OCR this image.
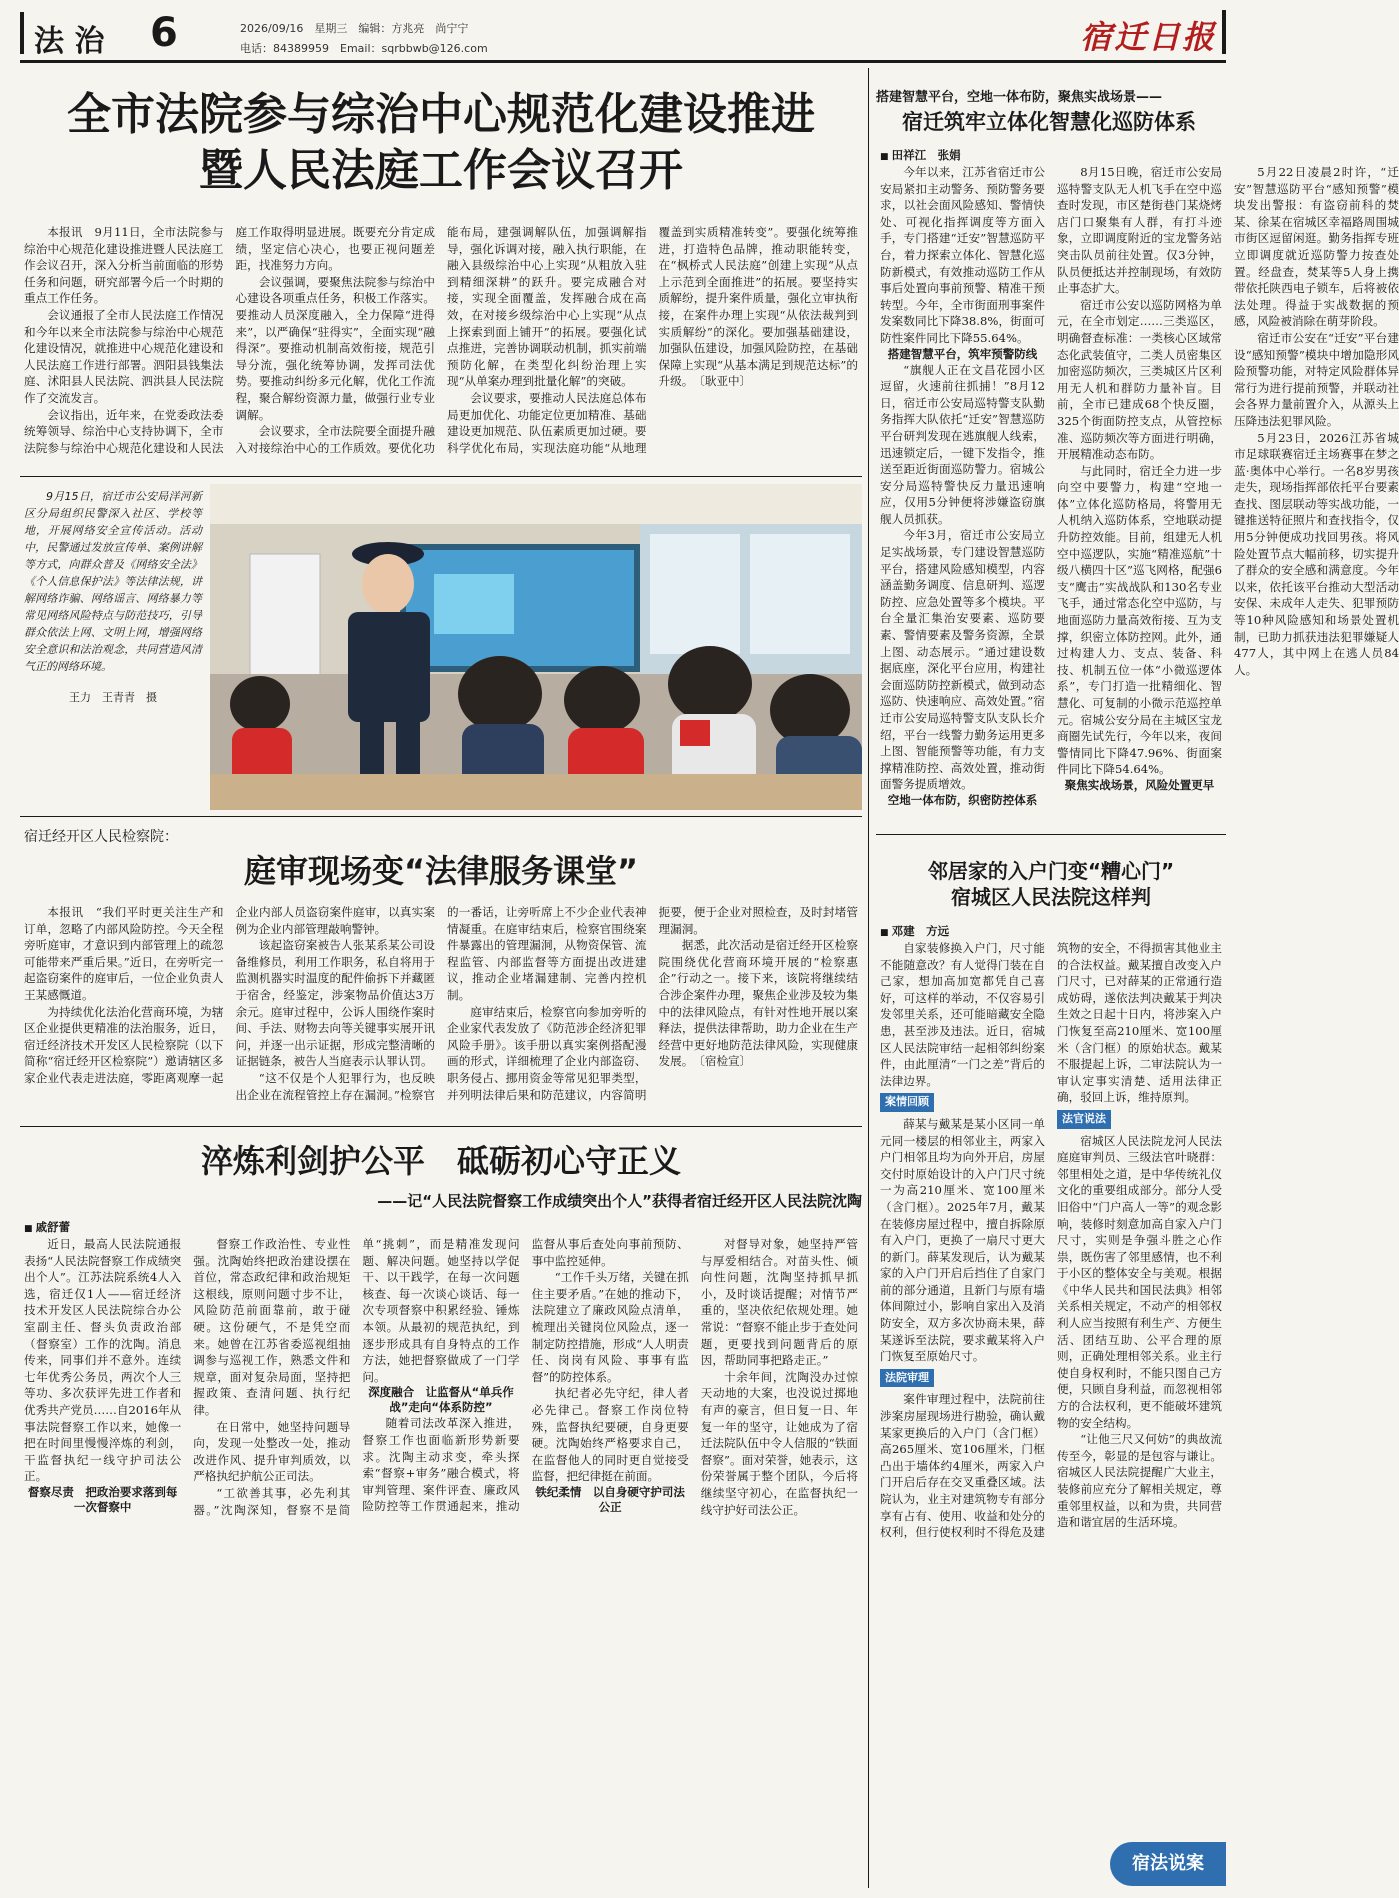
法 治 6	2026/09/16　星期三　编辑：方兆亮　尚宁宁
电话：84389959　Email：sqrbbwb@126.com	宿迁日报
全市法院参与综治中心规范化建设推进
暨人民法庭工作会议召开

本报讯　9月11日，全市法院参与综治中心规范化建设推进暨人民法庭工作会议召开，深入分析当前面临的形势任务和问题，研究部署今后一个时期的重点工作任务。

会议通报了全市人民法庭工作情况和今年以来全市法院参与综治中心规范化建设情况，就推进中心规范化建设和人民法庭工作进行部署。泗阳县钱集法庭、沭阳县人民法院、泗洪县人民法院作了交流发言。

会议指出，近年来，在党委政法委统筹领导、综治中心支持协调下，全市法院参与综治中心规范化建设和人民法庭工作取得明显进展。既要充分肯定成绩，坚定信心决心，也要正视问题差距，找准努力方向。

会议强调，要聚焦法院参与综治中心建设各项重点任务，积极工作落实。要推动人员深度融入，全力保障“进得来”，以严确保“驻得实”，全面实现“融得深”。要推动机制高效衔接，规范引导分流，强化统筹协调，发挥司法优势。要推动纠纷多元化解，优化工作流程，聚合解纷资源力量，做强行业专业调解。

会议要求，全市法院要全面提升融入对接综治中心的工作质效。要优化功能布局，建强调解队伍，加强调解指导，强化诉调对接，融入执行职能，在融入县级综治中心上实现“从粗放入驻到精细深耕”的跃升。要完成融合对接，实现全面覆盖，发挥融合成在高效，在对接乡级综治中心上实现“从点上探索到面上铺开”的拓展。要强化试点推进，完善协调联动机制，抓实前端预防化解，在类型化纠纷治理上实现“从单案办理到批量化解”的突破。

会议要求，要推动人民法庭总体布局更加优化、功能定位更加精准、基础建设更加规范、队伍素质更加过硬。要科学优化布局，实现法庭功能“从地理覆盖到实质精准转变”。要强化统筹推进，打造特色品牌，推动职能转变，在“枫桥式人民法庭”创建上实现“从点上示范到全面推进”的拓展。要坚持实质解纷，提升案件质量，强化立审执衔接，在案件办理上实现“从依法裁判到实质解纷”的深化。要加强基础建设，加强队伍建设，加强风险防控，在基础保障上实现“从基本满足到规范达标”的升级。　〔耿亚中〕

9月15日，宿迁市公安局洋河新区分局组织民警深入社区、学校等地，开展网络安全宣传活动。活动中，民警通过发放宣传单、案例讲解等方式，向群众普及《网络安全法》《个人信息保护法》等法律法规，讲解网络诈骗、网络谣言、网络暴力等常见网络风险特点与防范技巧，引导群众依法上网、文明上网，增强网络安全意识和法治观念，共同营造风清气正的网络环境。
王力　王青青　摄
搭建智慧平台，空地一体布防，聚焦实战场景——
宿迁筑牢立体化智慧化巡防体系
■ 田祥江　张娟

今年以来，江苏省宿迁市公安局紧扣主动警务、预防警务要求，以社会面风险感知、警情快处、可视化指挥调度等方面入手，专门搭建“迁安”智慧巡防平台，着力探索立体化、智慧化巡防新模式，有效推动巡防工作从事后处置向事前预警、精准干预转型。今年，全市街面刑事案件发案数同比下降38.8%，街面可防性案件同比下降55.64%。

搭建智慧平台，筑牢预警防线

“旗舰人正在文昌花园小区逗留，火速前往抓捕！”8月12日，宿迁市公安局巡特警支队勤务指挥大队依托“迁安”智慧巡防平台研判发现在逃旗舰人线索，迅速锁定后，一键下发指令，推送至距近街面巡防警力。宿城公安分局巡特警快反力量迅速响应，仅用5分钟便将涉嫌盗窃旗舰人员抓获。

今年3月，宿迁市公安局立足实战场景，专门建设智慧巡防平台，搭建风险感知模型，内容涵盖勤务调度、信息研判、巡逻防控、应急处置等多个模块。平台全量汇集治安要素、巡防要素、警情要素及警务资源，全景上图、动态展示。“通过建设数据底座，深化平台应用，构建社会面巡防防控新模式，做到动态巡防、快速响应、高效处置。”宿迁市公安局巡特警支队支队长介绍，平台一线警力勤务运用更多上图、智能预警等功能，有力支撑精准防控、高效处置，推动街面警务提质增效。

空地一体布防，织密防控体系

8月15日晚，宿迁市公安局巡特警支队无人机飞手在空中巡查时发现，市区楚街巷门某烧烤店门口聚集有人群，有打斗迹象，立即调度附近的宝龙警务站突击队员前往处置。仅3分钟，队员便抵达并控制现场，有效防止事态扩大。

宿迁市公安以巡防网格为单元，在全市划定……三类巡区，明确督查标准：一类核心区域常态化武装值守，二类人员密集区加密巡防频次，三类城区片区利用无人机和群防力量补盲。目前，全市已建成68个快反圈，325个街面防控支点，从管控标准、巡防频次等方面进行明确，开展精准动态布防。

与此同时，宿迁全力进一步向空中要警力，构建“空地一体”立体化巡防格局，将警用无人机纳入巡防体系，空地联动提升防控效能。目前，组建无人机空中巡逻队，实施“精准巡航”十级八横四十区”巡飞网格，配强6支“鹰击”实战战队和130名专业飞手，通过常态化空中巡防，与地面巡防力量高效衔接、互为支撑，织密立体防控网。此外，通过构建人力、支点、装备、科技、机制五位一体“小微巡逻体系”，专门打造一批精细化、智慧化、可复制的小微示范巡控单元。宿城公安分局在主城区宝龙商圈先试先行，今年以来，夜间警情同比下降47.96%、街面案件同比下降54.64%。

聚焦实战场景，风险处置更早

5月22日凌晨2时许，“迁安”智慧巡防平台“感知预警”模块发出警报：有盗窃前科的焚某、徐某在宿城区幸福路周围城市街区逗留闲逛。勤务指挥专班立即调度就近巡防警力按查处置。经盘查，焚某等5人身上携带依托陕西电子锁车，后将被依法处理。得益于实战数据的预感，风险被消除在萌芽阶段。

宿迁市公安在“迁安”平台建设“感知预警”模块中增加隐形风险预警功能，对特定风险群体异常行为进行提前预警，并联动社会各界力量前置介入，从源头上压降违法犯罪风险。

5月23日，2026江苏省城市足球联赛宿迁主场赛事在梦之蓝·奥体中心举行。一名8岁男孩走失，现场指挥部依托平台要素查找、图层联动等实战功能，一键推送特征照片和查找指令，仅用5分钟便成功找回男孩。将风险处置节点大幅前移，切实提升了群众的安全感和满意度。今年以来，依托该平台推动大型活动安保、未成年人走失、犯罪预防等10种风险感知和场景处置机制，已助力抓获违法犯罪嫌疑人477人，其中网上在逃人员84人。

宿迁经开区人民检察院：
庭审现场变“法律服务课堂”

本报讯　“我们平时更关注生产和订单，忽略了内部风险防控。今天全程旁听庭审，才意识到内部管理上的疏忽可能带来严重后果。”近日，在旁听完一起盗窃案件的庭审后，一位企业负责人王某感慨道。

为持续优化法治化营商环境，为辖区企业提供更精准的法治服务，近日，宿迁经济技术开发区人民检察院（以下简称“宿迁经开区检察院”）邀请辖区多家企业代表走进法庭，零距离观摩一起企业内部人员盗窃案件庭审，以真实案例为企业内部管理敲响警钟。

该起盗窃案被告人张某系某公司设备维修员，利用工作职务，私自将用于监测机器实时温度的配件偷拆下并藏匿于宿舍，经鉴定，涉案物品价值达3万余元。庭审过程中，公诉人围绕作案时间、手法、财物去向等关键事实展开讯问，并逐一出示证据，形成完整清晰的证据链条，被告人当庭表示认罪认罚。

“这不仅是个人犯罪行为，也反映出企业在流程管控上存在漏洞。”检察官的一番话，让旁听席上不少企业代表神情凝重。在庭审结束后，检察官围绕案件暴露出的管理漏洞，从物资保管、流程监管、内部监督等方面提出改进建议，推动企业堵漏建制、完善内控机制。

庭审结束后，检察官向参加旁听的企业家代表发放了《防范涉企经济犯罪风险手册》。该手册以真实案例搭配漫画的形式，详细梳理了企业内部盗窃、职务侵占、挪用资金等常见犯罪类型，并列明法律后果和防范建议，内容简明扼要，便于企业对照检查，及时封堵管理漏洞。

据悉，此次活动是宿迁经开区检察院围绕优化营商环境开展的“检察惠企”行动之一。接下来，该院将继续结合涉企案件办理，聚焦企业涉及较为集中的法律风险点，有针对性地开展以案释法，提供法律帮助，助力企业在生产经营中更好地防范法律风险，实现健康发展。　〔宿检宣〕

淬炼利剑护公平　砥砺初心守正义
——记“人民法院督察工作成绩突出个人”获得者宿迁经开区人民法院沈陶
■ 戚舒蕾

近日，最高人民法院通报表扬“人民法院督察工作成绩突出个人”。江苏法院系统4人入选，宿迁仅1人——宿迁经济技术开发区人民法院综合办公室副主任、督头负责政治部（督察室）工作的沈陶。消息传来，同事们并不意外。连续七年优秀公务员，两次个人三等功、多次获评先进工作者和优秀共产党员……自2016年从事法院督察工作以来，她像一把在时间里慢慢淬炼的利剑，干监督执纪一线守护司法公正。

督察尽责　把政治要求落到每一次督察中

督察工作政治性、专业性强。沈陶始终把政治建设摆在首位，常态政纪律和政治规矩这根线，原则问题寸步不让，风险防范前面靠前，敢于碰硬。这份硬气，不是凭空而来。她曾在江苏省委巡视组抽调参与巡视工作，熟悉文件和规章，面对复杂局面，坚持把握政策、查清问题、执行纪律。

在日常中，她坚持问题导向，发现一处整改一处，推动改进作风、提升审判质效，以严格执纪护航公正司法。

“工欲善其事，必先利其器。”沈陶深知，督察不是简单“挑刺”，而是精准发现问题、解决问题。她坚持以学促干、以干践学，在每一次问题核查、每一次谈心谈话、每一次专项督察中积累经验、锤炼本领。从最初的规范执纪，到逐步形成具有自身特点的工作方法，她把督察做成了一门学问。

深度融合　让监督从“单兵作战”走向“体系防控”

随着司法改革深入推进，督察工作也面临新形势新要求。沈陶主动求变，牵头探索“督察+审务”融合模式，将审判管理、案件评查、廉政风险防控等工作贯通起来，推动监督从事后查处向事前预防、事中监控延伸。

“工作千头万绪，关键在抓住主要矛盾。”在她的推动下，法院建立了廉政风险点清单，梳理出关键岗位风险点，逐一制定防控措施，形成“人人明责任、岗岗有风险、事事有监督”的防控体系。

执纪者必先守纪，律人者必先律己。督察工作岗位特殊，监督执纪要硬，自身更要硬。沈陶始终严格要求自己，在监督他人的同时更自觉接受监督，把纪律挺在前面。

铁纪柔情　以自身硬守护司法公正

对督导对象，她坚持严管与厚爱相结合。对苗头性、倾向性问题，沈陶坚持抓早抓小，及时谈话提醒；对情节严重的，坚决依纪依规处理。她常说：“督察不能止步于查处问题，更要找到问题背后的原因，帮助同事把路走正。”

十余年间，沈陶没办过惊天动地的大案，也没说过掷地有声的豪言，但日复一日、年复一年的坚守，让她成为了宿迁法院队伍中令人信服的“铁面督察”。面对荣誉，她表示，这份荣誉属于整个团队，今后将继续坚守初心，在监督执纪一线守护好司法公正。

邻居家的入户门变“糟心门”
宿城区人民法院这样判
■ 邓建　方远

自家装修换入户门，尺寸能不能随意改？有人觉得门装在自己家，想加高加宽都凭自己喜好，可这样的举动，不仅容易引发邻里关系，还可能暗藏安全隐患，甚至涉及违法。近日，宿城区人民法院审结一起相邻纠纷案件，由此厘清“一门之差”背后的法律边界。

案情回顾

薛某与戴某是某小区同一单元同一楼层的相邻业主，两家入户门相邻且均为向外开启，房屋交付时原始设计的入户门尺寸统一为高210厘米、宽100厘米（含门框）。2025年7月，戴某在装修房屋过程中，擅自拆除原有入户门，更换了一扇尺寸更大的新门。薛某发现后，认为戴某家的入户门开启后挡住了自家门前的部分通道，且新门与原有墙体间隙过小，影响自家出入及消防安全，双方多次协商未果，薛某遂诉至法院，要求戴某将入户门恢复至原始尺寸。

法院审理

案件审理过程中，法院前往涉案房屋现场进行勘验，确认戴某家更换后的入户门（含门框）高265厘米、宽106厘米，门框凸出于墙体约4厘米，两家入户门开启后存在交叉重叠区域。法院认为，业主对建筑物专有部分享有占有、使用、收益和处分的权利，但行使权利时不得危及建筑物的安全，不得损害其他业主的合法权益。戴某擅自改变入户门尺寸，已对薛某的正常通行造成妨碍，遂依法判决戴某于判决生效之日起十日内，将涉案入户门恢复至高210厘米、宽100厘米（含门框）的原始状态。戴某不服提起上诉，二审法院认为一审认定事实清楚、适用法律正确，驳回上诉，维持原判。

法官说法

宿城区人民法院龙河人民法庭庭审判员、三级法官叶晓群：邻里相处之道，是中华传统礼仪文化的重要组成部分。部分人受旧俗中“门户高人一等”的观念影响，装修时刻意加高自家入户门尺寸，实则是争强斗胜之心作祟，既伤害了邻里感情，也不利于小区的整体安全与美观。根据《中华人民共和国民法典》相邻关系相关规定，不动产的相邻权利人应当按照有利生产、方便生活、团结互助、公平合理的原则，正确处理相邻关系。业主行使自身权利时，不能只图自己方便，只顾自身利益，而忽视相邻方的合法权利，更不能破坏建筑物的安全结构。

“让他三尺又何妨”的典故流传至今，彰显的是包容与谦让。宿城区人民法院提醒广大业主，装修前应充分了解相关规定，尊重邻里权益，以和为贵，共同营造和谐宜居的生活环境。

宿法说案
